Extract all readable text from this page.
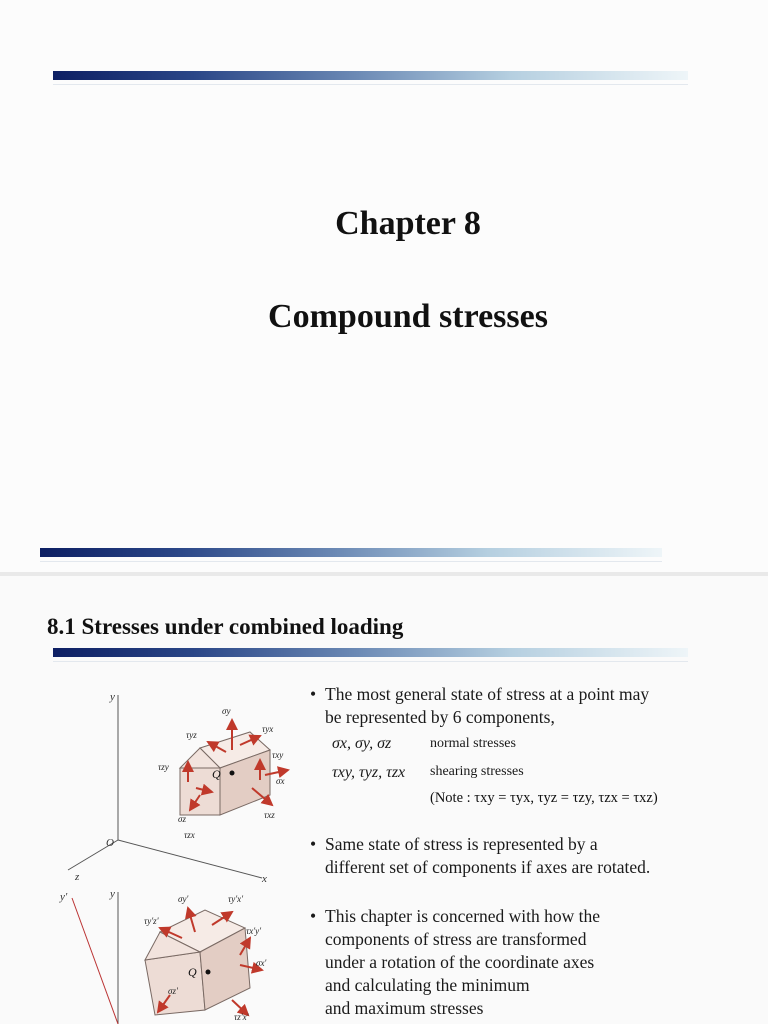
Chapter 8
Compound stresses
8.1 Stresses under combined loading
• The most general state of stress at a point may
be represented by 6 components,
σx, σy, σz	normal stresses
τxy, τyz, τzx shearing stresses
(Note : τxy = τyx, τyz = τzy, τzx = τxz)
• Same state of stress is represented by a
different set of components if axes are rotated.
• This chapter is concerned with how the
components of stress are transformed
under a rotation of the coordinate axes
and calculating the minimum
and maximum stresses
y
x
z
O
Q
σy
τyx
τyz
τxy
τzy
σx
σz
τzx
τxz
y
y'
Q
σy'	τy'x'
τy'z'
τx'y'
σx'
σz'
τz'x'
